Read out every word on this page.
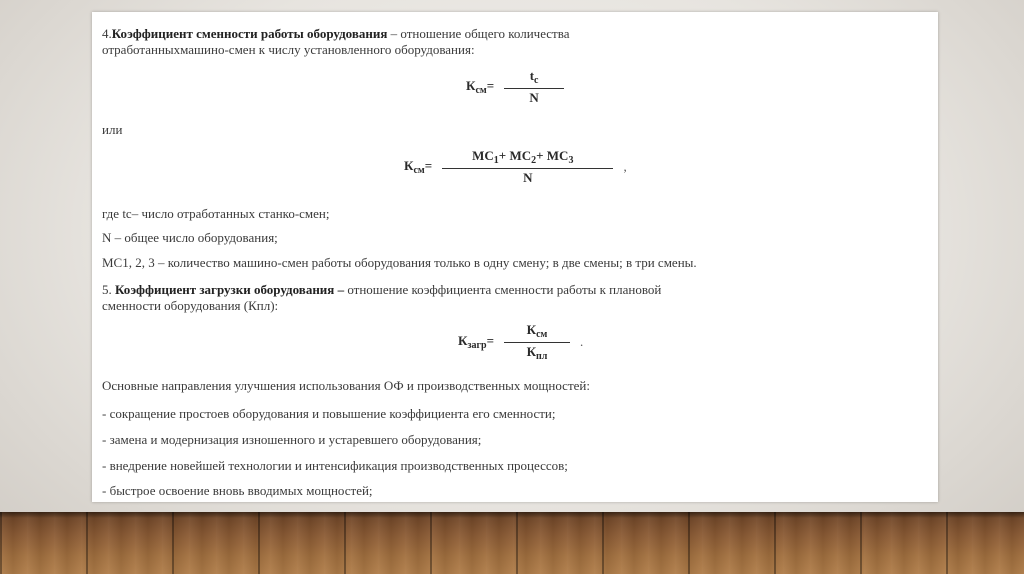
4.Коэффициент сменности работы оборудования – отношение общего количества
отработанныхмашино-смен к числу установленного оборудования:
$К_{см}= \frac{t_с}{N}$
или
$К_{см}= \frac{МС_1+ МС_2+ МС_3}{N}$ ,
где tc– число отработанных станко-смен;
N – общее число оборудования;
МС1, 2, 3 – количество машино-смен работы оборудования только в одну смену; в две смены; в три смены.
5. Коэффициент загрузки оборудования – отношение коэффициента сменности работы к плановой
сменности оборудования (Кпл):
$К_{загр}= \frac{К_{см}}{К_{пл}}$ .
Основные направления улучшения использования ОФ и производственных мощностей:
- сокращение простоев оборудования и повышение коэффициента его сменности;
- замена и модернизация изношенного и устаревшего оборудования;
- внедрение новейшей технологии и интенсификация производственных процессов;
- быстрое освоение вновь вводимых мощностей;
